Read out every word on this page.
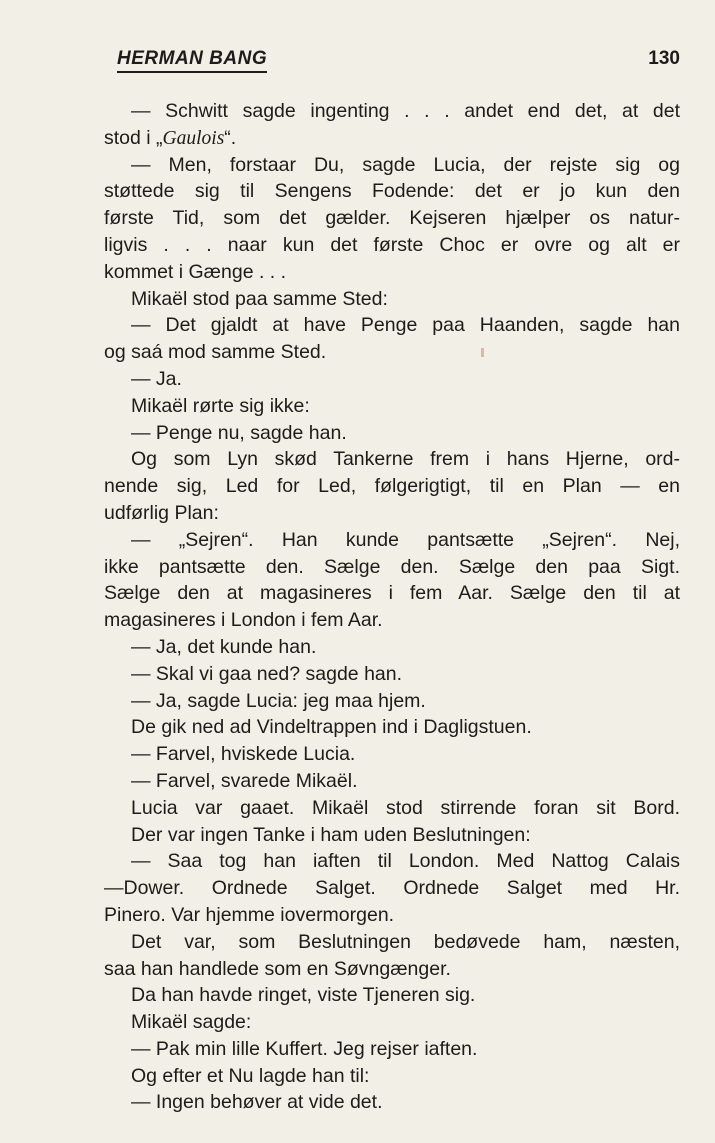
HERMAN BANG	130
— Schwitt sagde ingenting . . . andet end det, at det
stod i „Gaulois“.
— Men, forstaar Du, sagde Lucia, der rejste sig og
støttede sig til Sengens Fodende: det er jo kun den
første Tid, som det gælder. Kejseren hjælper os natur-
ligvis . . . naar kun det første Choc er ovre og alt er
kommet i Gænge . . .
Mikaël stod paa samme Sted:
— Det gjaldt at have Penge paa Haanden, sagde han
og saá mod samme Sted.
— Ja.
Mikaël rørte sig ikke:
— Penge nu, sagde han.
Og som Lyn skød Tankerne frem i hans Hjerne, ord-
nende sig, Led for Led, følgerigtigt, til en Plan — en
udførlig Plan:
— „Sejren“. Han kunde pantsætte „Sejren“. Nej,
ikke pantsætte den. Sælge den. Sælge den paa Sigt.
Sælge den at magasineres i fem Aar. Sælge den til at
magasineres i London i fem Aar.
— Ja, det kunde han.
— Skal vi gaa ned? sagde han.
— Ja, sagde Lucia: jeg maa hjem.
De gik ned ad Vindeltrappen ind i Dagligstuen.
— Farvel, hviskede Lucia.
— Farvel, svarede Mikaël.
Lucia var gaaet. Mikaël stod stirrende foran sit Bord.
Der var ingen Tanke i ham uden Beslutningen:
— Saa tog han iaften til London. Med Nattog Calais
—Dower. Ordnede Salget. Ordnede Salget med Hr.
Pinero. Var hjemme iovermorgen.
Det var, som Beslutningen bedøvede ham, næsten,
saa han handlede som en Søvngænger.
Da han havde ringet, viste Tjeneren sig.
Mikaël sagde:
— Pak min lille Kuffert. Jeg rejser iaften.
Og efter et Nu lagde han til:
— Ingen behøver at vide det.
